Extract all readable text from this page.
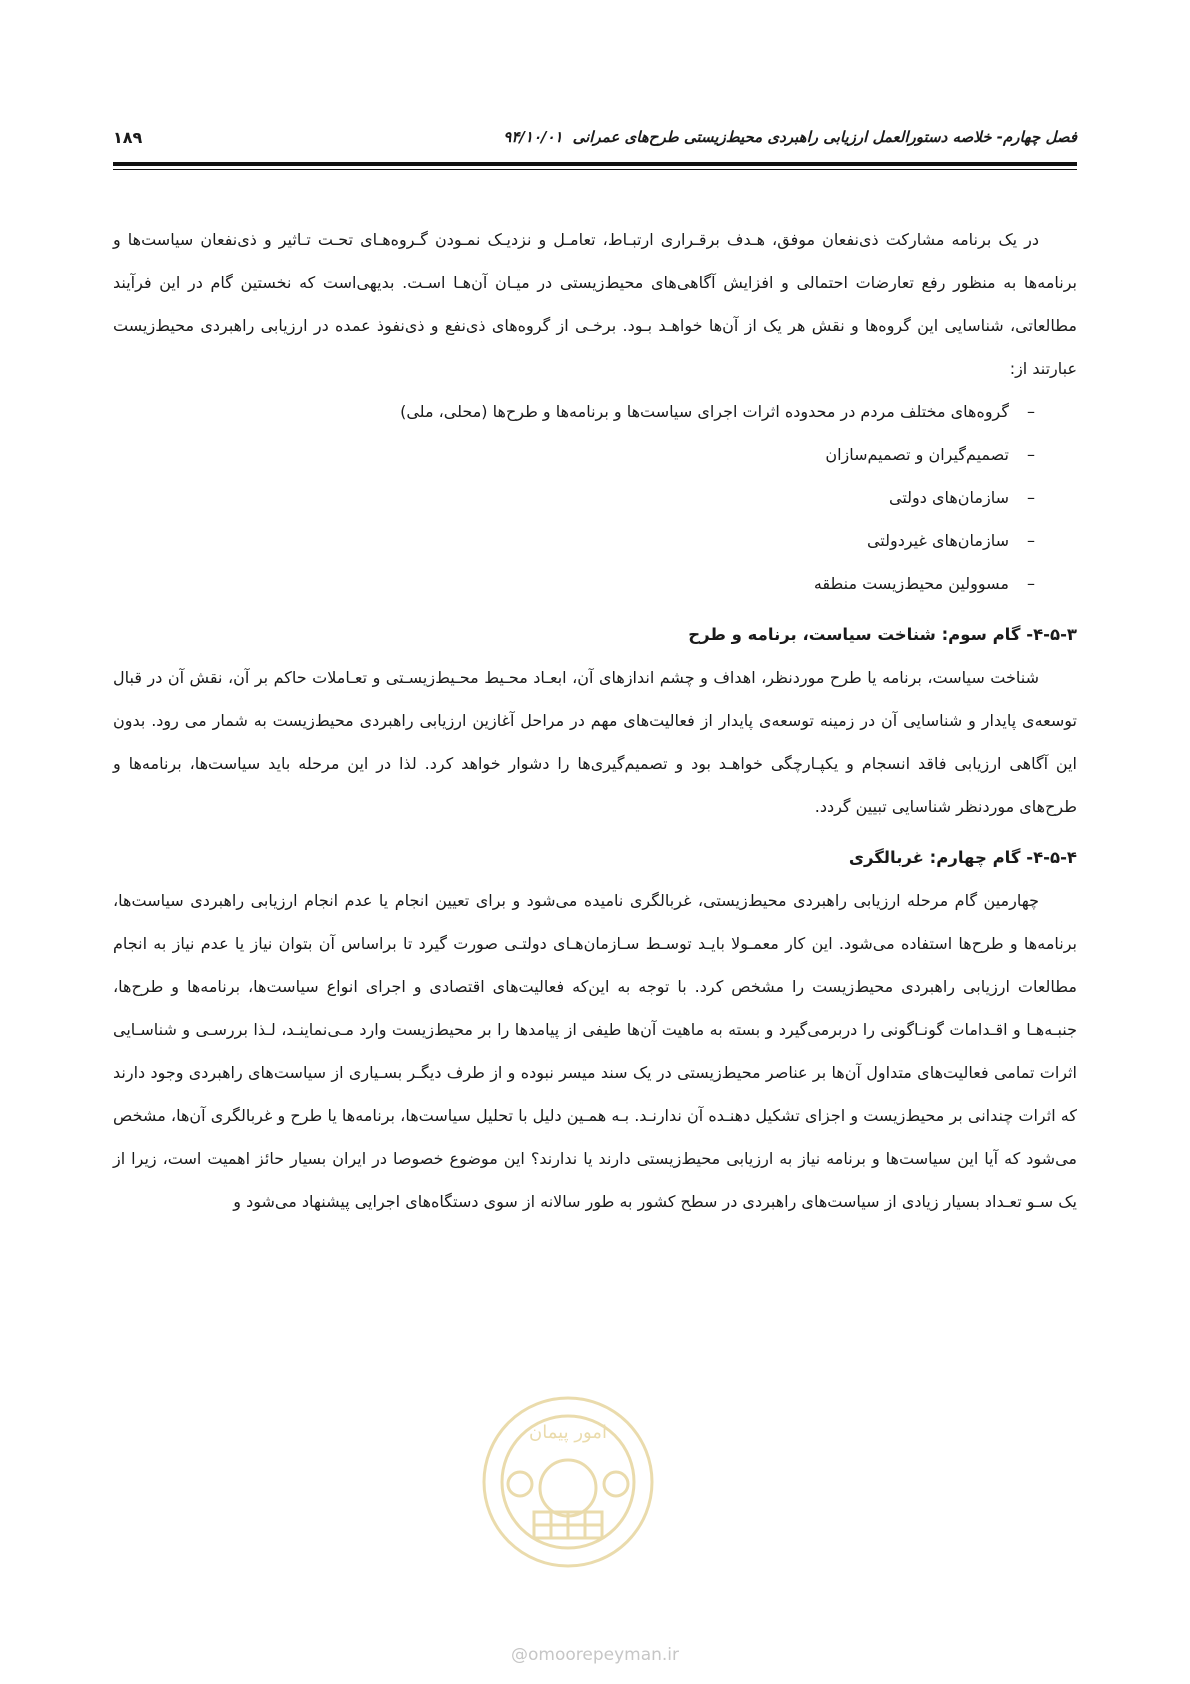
فصل چهارم- خلاصه دستورالعمل ارزیابی راهبردی محیط‌زیستی طرح‌های عمرانی۹۴/۱۰/۰۱
۱۸۹

در یک برنامه مشارکت ذی‌نفعان موفق، هـدف برقـراری ارتبـاط، تعامـل و نزدیـک نمـودن گـروه‌هـای تحـت تـاثیر و ذی‌نفعان سیاست‌ها و برنامه‌ها به منظور رفع تعارضات احتمالی و افزایش آگاهی‌های محیط‌زیستی در میـان آن‌هـا اسـت. بدیهی‌است که نخستین گام در این فرآیند مطالعاتی، شناسایی این گروه‌ها و نقش هر یک از آن‌ها خواهـد بـود. برخـی از گروه‌های ذی‌نفع و ذی‌نفوذ عمده در ارزیابی راهبردی محیط‌زیست عبارتند از:

–
گروه‌های مختلف مردم در محدوده اثرات اجرای سیاست‌ها و برنامه‌ها و طرح‌ها (محلی، ملی)
–
تصمیم‌گیران و تصمیم‌سازان
–
سازمان‌های دولتی
–
سازمان‌های غیردولتی
–
مسوولین محیط‌زیست منطقه
۴-۵-۳- گام سوم: شناخت سیاست، برنامه و طرح

شناخت سیاست، برنامه یا طرح موردنظر، اهداف و چشم اندازهای آن، ابعـاد محـیط محـیط‌زیسـتی و تعـاملات حاکم بر آن، نقش آن در قبال توسعه‌ی پایدار و شناسایی آن در زمینه توسعه‌ی پایدار از فعالیت‌های مهم در مراحل آغازین ارزیابی راهبردی محیط‌زیست به شمار می رود. بدون این آگاهی ارزیابی فاقد انسجام و یکپـارچگی خواهـد بود و تصمیم‌گیری‌ها را دشوار خواهد کرد. لذا در این مرحله باید سیاست‌ها، برنامه‌ها و طرح‌های موردنظر شناسایی تبیین گردد.

۴-۵-۴- گام چهارم: غربالگری

چهارمین گام مرحله ارزیابی راهبردی محیط‌زیستی، غربالگری نامیده می‌شود و برای تعیین انجام یا عدم انجام ارزیابی راهبردی سیاست‌ها، برنامه‌ها و طرح‌ها استفاده می‌شود. این کار معمـولا بایـد توسـط سـازمان‌هـای دولتـی صورت گیرد تا براساس آن بتوان نیاز یا عدم نیاز به انجام مطالعات ارزیابی راهبردی محیط‌زیست را مشخص کرد. با توجه به این‌که فعالیت‌های اقتصادی و اجرای انواع سیاست‌ها، برنامه‌ها و طرح‌ها، جنبـه‌هـا و اقـدامات گونـاگونی را دربرمی‌گیرد و بسته به ماهیت آن‌ها طیفی از پیامدها را بر محیط‌زیست وارد مـی‌نماینـد، لـذا بررسـی و شناسـایی اثرات تمامی فعالیت‌های متداول آن‌ها بر عناصر محیط‌زیستی در یک سند میسر نبوده و از طرف دیگـر بسـیاری از سیاست‌های راهبردی وجود دارند که اثرات چندانی بر محیط‌زیست و اجزای تشکیل دهنـده آن ندارنـد. بـه همـین دلیل با تحلیل سیاست‌ها، برنامه‌ها یا طرح و غربالگری آن‌ها، مشخص می‌شود که آیا این سیاست‌ها و برنامه نیاز به ارزیابی محیط‌زیستی دارند یا ندارند؟ این موضوع خصوصا در ایران بسیار حائز اهمیت است، زیرا از یک سـو تعـداد بسیار زیادی از سیاست‌های راهبردی در سطح کشور به طور سالانه از سوی دستگاه‌های اجرایی پیشنهاد می‌شود و

امور پیمان
@omoorepeyman.ir
